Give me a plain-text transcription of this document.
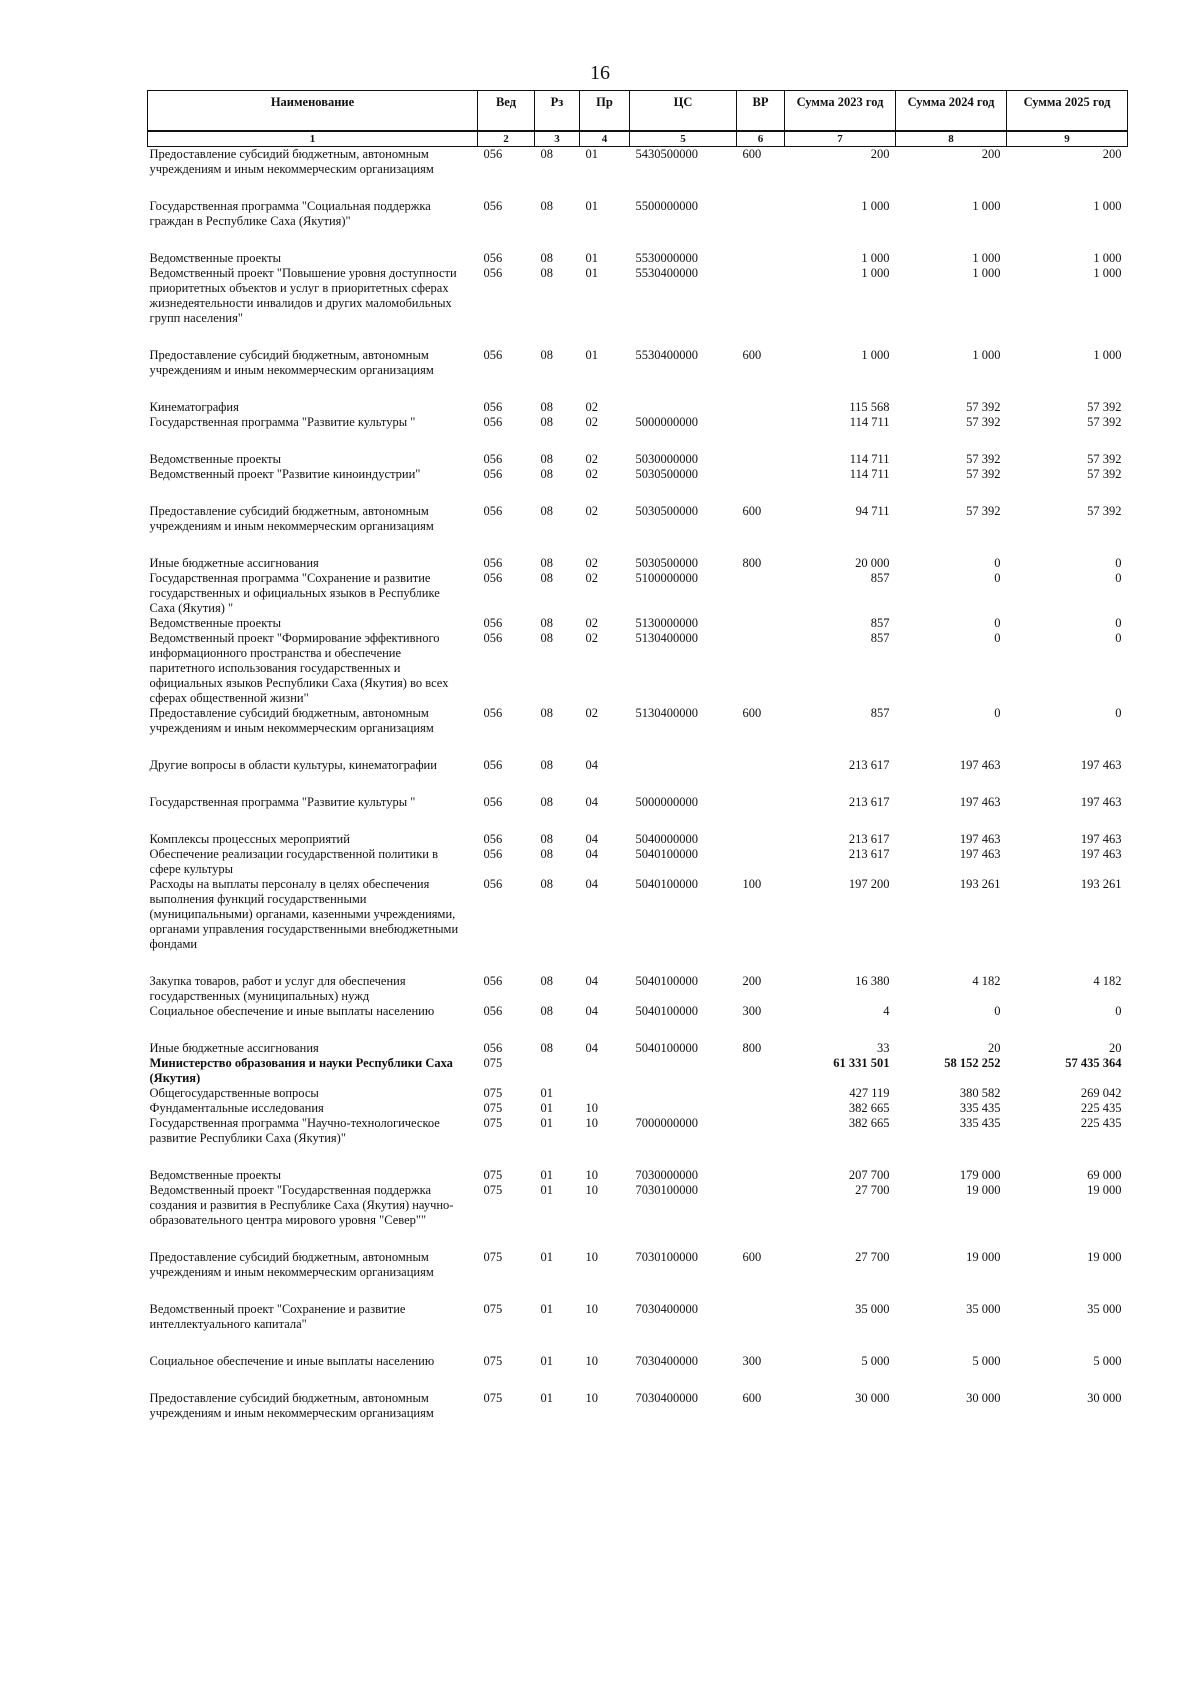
16
Наименование	Вед	Рз	Пр	ЦС	ВР	Сумма 2023 год	Сумма 2024 год	Сумма 2025 год
1	2	3	4	5	6	7	8	9
Предоставление субсидий бюджетным, автономным учреждениям и иным некоммерческим организациям	056	08	01	5430500000	600	200	200	200

Государственная программа "Социальная поддержка граждан в Республике Саха (Якутия)"	056	08	01	5500000000		1 000	1 000	1 000

Ведомственные проекты	056	08	01	5530000000		1 000	1 000	1 000
Ведомственный проект "Повышение уровня доступности приоритетных объектов и услуг в приоритетных сферах жизнедеятельности инвалидов и других маломобильных групп населения"	056	08	01	5530400000		1 000	1 000	1 000

Предоставление субсидий бюджетным, автономным учреждениям и иным некоммерческим организациям	056	08	01	5530400000	600	1 000	1 000	1 000

Кинематография	056	08	02			115 568	57 392	57 392
Государственная программа "Развитие культуры "	056	08	02	5000000000		114 711	57 392	57 392

Ведомственные проекты	056	08	02	5030000000		114 711	57 392	57 392
Ведомственный проект "Развитие киноиндустрии"	056	08	02	5030500000		114 711	57 392	57 392

Предоставление субсидий бюджетным, автономным учреждениям и иным некоммерческим организациям	056	08	02	5030500000	600	94 711	57 392	57 392

Иные бюджетные ассигнования	056	08	02	5030500000	800	20 000	0	0
Государственная программа "Сохранение и развитие государственных и официальных языков в Республике Саха (Якутия) "	056	08	02	5100000000		857	0	0
Ведомственные проекты	056	08	02	5130000000		857	0	0
Ведомственный проект "Формирование эффективного информационного пространства и обеспечение паритетного использования государственных и официальных языков Республики Саха (Якутия) во всех сферах общественной жизни"	056	08	02	5130400000		857	0	0
Предоставление субсидий бюджетным, автономным учреждениям и иным некоммерческим организациям	056	08	02	5130400000	600	857	0	0

Другие вопросы в области культуры, кинематографии	056	08	04			213 617	197 463	197 463

Государственная программа "Развитие культуры "	056	08	04	5000000000		213 617	197 463	197 463

Комплексы процессных мероприятий	056	08	04	5040000000		213 617	197 463	197 463
Обеспечение реализации государственной политики в сфере культуры	056	08	04	5040100000		213 617	197 463	197 463
Расходы на выплаты персоналу в целях обеспечения выполнения функций государственными (муниципальными) органами, казенными учреждениями, органами управления государственными внебюджетными фондами	056	08	04	5040100000	100	197 200	193 261	193 261

Закупка товаров, работ и услуг для обеспечения государственных (муниципальных) нужд	056	08	04	5040100000	200	16 380	4 182	4 182
Социальное обеспечение и иные выплаты населению	056	08	04	5040100000	300	4	0	0

Иные бюджетные ассигнования	056	08	04	5040100000	800	33	20	20
Министерство образования и науки Республики Саха (Якутия)	075					61 331 501	58 152 252	57 435 364
Общегосударственные вопросы	075	01				427 119	380 582	269 042
Фундаментальные исследования	075	01	10			382 665	335 435	225 435
Государственная программа "Научно-технологическое развитие Республики Саха (Якутия)"	075	01	10	7000000000		382 665	335 435	225 435

Ведомственные проекты	075	01	10	7030000000		207 700	179 000	69 000
Ведомственный проект "Государственная поддержка создания и развития в Республике Саха (Якутия) научно-образовательного центра мирового уровня "Север""	075	01	10	7030100000		27 700	19 000	19 000

Предоставление субсидий бюджетным, автономным учреждениям и иным некоммерческим организациям	075	01	10	7030100000	600	27 700	19 000	19 000

Ведомственный проект "Сохранение и развитие интеллектуального капитала"	075	01	10	7030400000		35 000	35 000	35 000

Социальное обеспечение и иные выплаты населению	075	01	10	7030400000	300	5 000	5 000	5 000

Предоставление субсидий бюджетным, автономным учреждениям и иным некоммерческим организациям	075	01	10	7030400000	600	30 000	30 000	30 000
